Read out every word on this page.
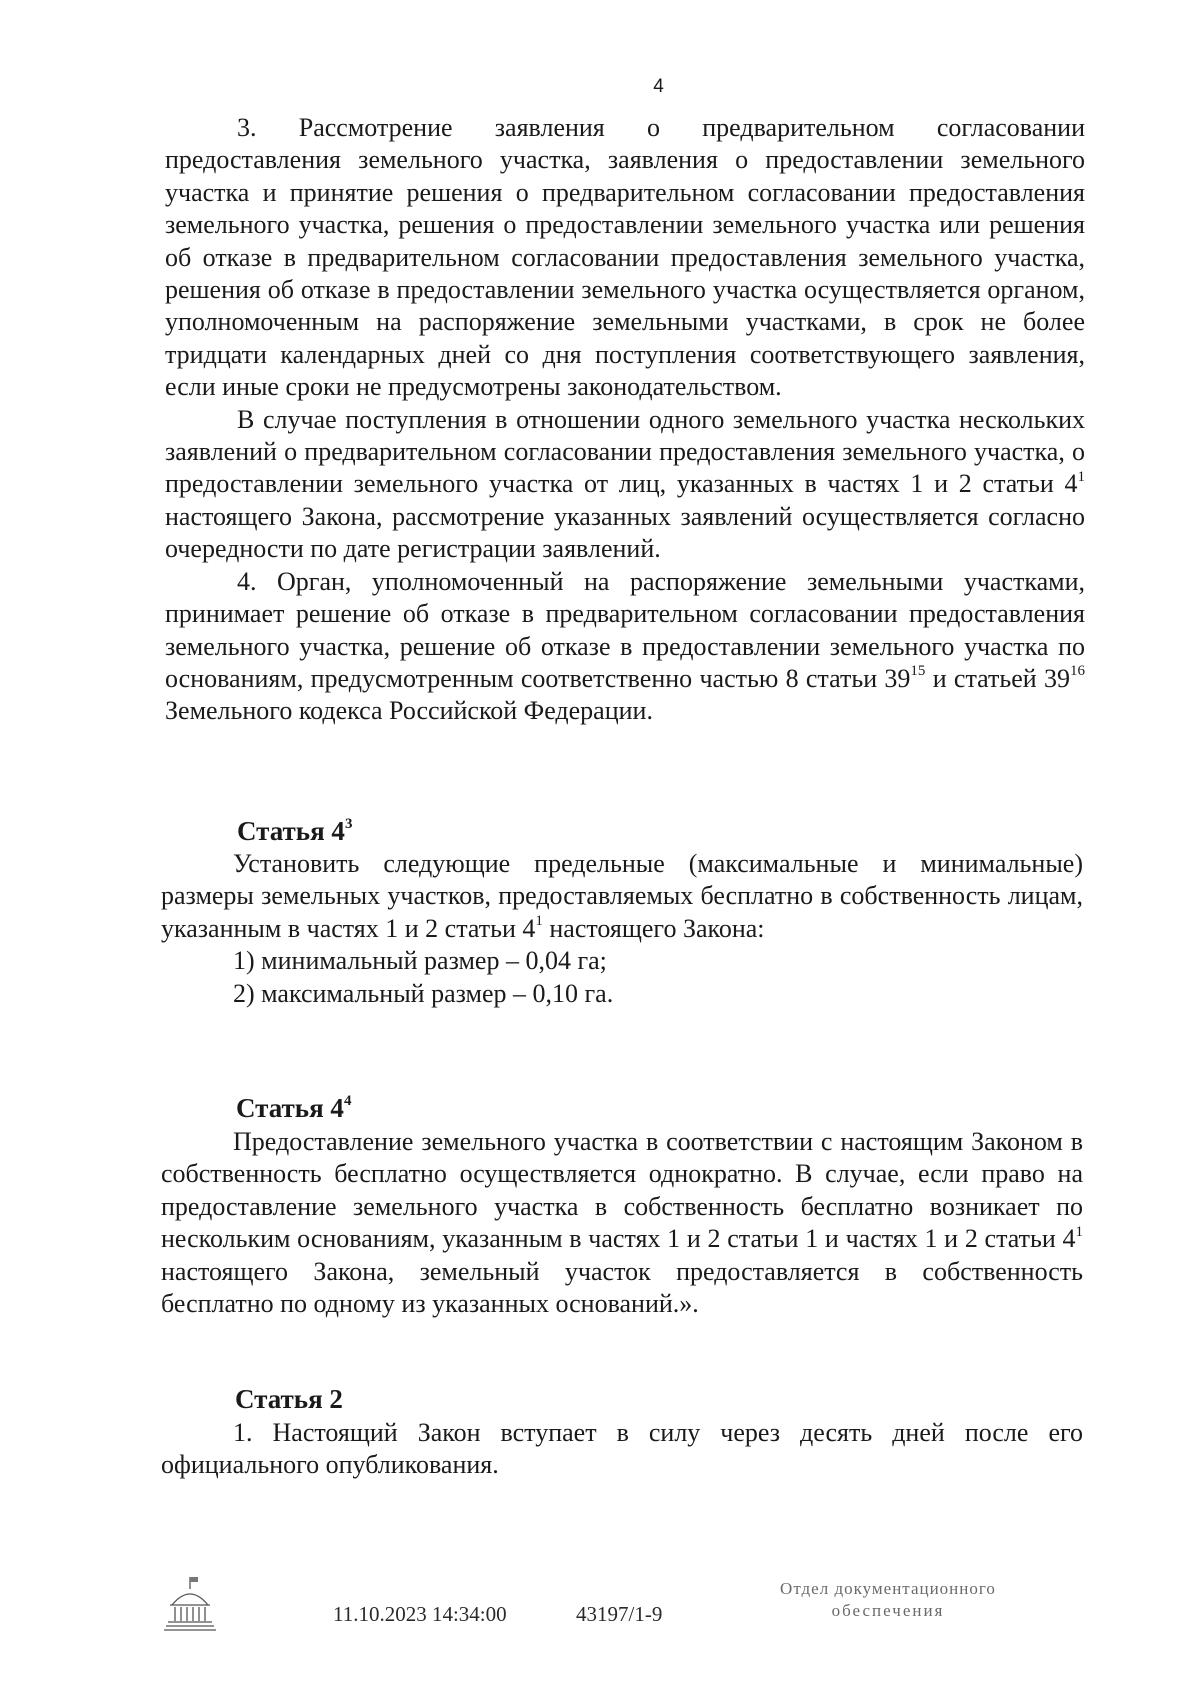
4

3. Рассмотрение заявления о предварительном согласовании предоставления земельного участка, заявления о предоставлении земельного участка и принятие решения о предварительном согласовании предоставления земельного участка, решения о предоставлении земельного участка или решения об отказе в предварительном согласовании предоставления земельного участка, решения об отказе в предоставлении земельного участка осуществляется органом, уполномоченным на распоряжение земельными участками, в срок не более тридцати календарных дней со дня поступления соответствующего заявления, если иные сроки не предусмотрены законодательством.

В случае поступления в отношении одного земельного участка нескольких заявлений о предварительном согласовании предоставления земельного участка, о предоставлении земельного участка от лиц, указанных в частях 1 и 2 статьи $4^1$ настоящего Закона, рассмотрение указанных заявлений осуществляется согласно очередности по дате регистрации заявлений.

4. Орган, уполномоченный на распоряжение земельными участками, принимает решение об отказе в предварительном согласовании предоставления земельного участка, решение об отказе в предоставлении земельного участка по основаниям, предусмотренным соответственно частью 8 статьи $39^{15}$ и статьей $39^{16}$ Земельного кодекса Российской Федерации.

Статья $4^3$

Установить следующие предельные (максимальные и минимальные) размеры земельных участков, предоставляемых бесплатно в собственность лицам, указанным в частях 1 и 2 статьи $4^1$ настоящего Закона:

1) минимальный размер – 0,04 га;

2) максимальный размер – 0,10 га.

Статья $4^4$

Предоставление земельного участка в соответствии с настоящим Законом в собственность бесплатно осуществляется однократно. В случае, если право на предоставление земельного участка в собственность бесплатно возникает по нескольким основаниям, указанным в частях 1 и 2 статьи 1 и частях 1 и 2 статьи $4^1$ настоящего Закона, земельный участок предоставляется в собственность бесплатно по одному из указанных оснований.».

Статья 2

1. Настоящий Закон вступает в силу через десять дней после его официального опубликования.

11.10.2023 14:34:00	43197/1-9
Отдел документационного
обеспечения
